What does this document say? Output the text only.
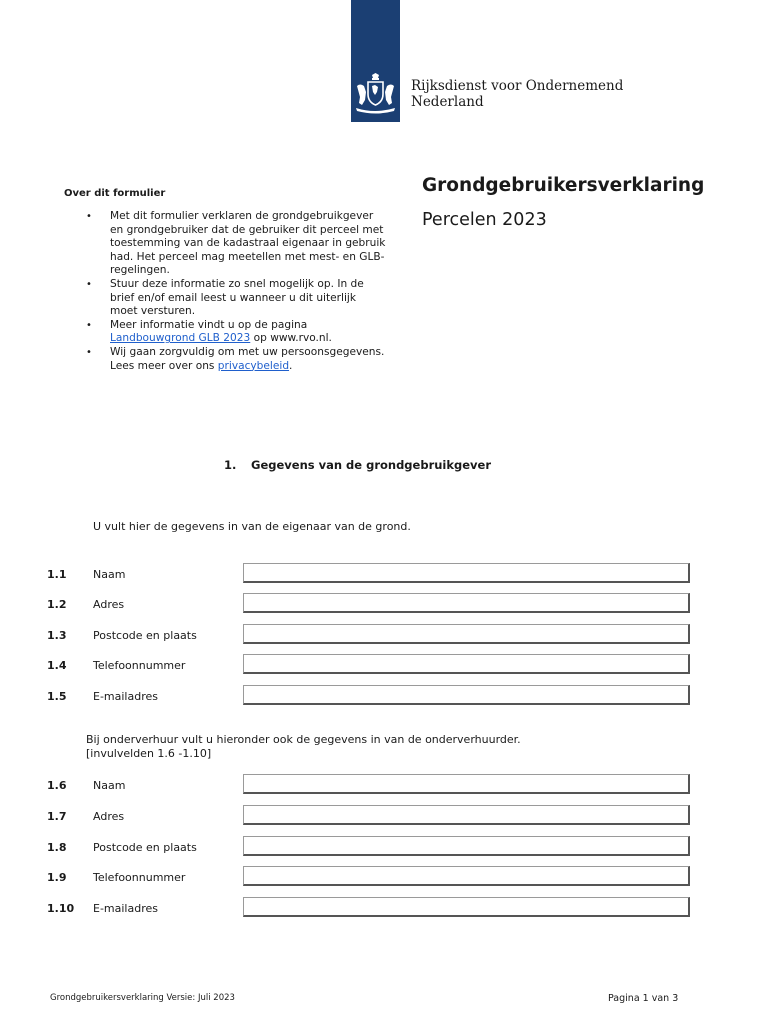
Rijksdienst voor Ondernemend
Nederland
Over dit formulier
• Met dit formulier verklaren de grondgebruikgever en grondgebruiker dat de gebruiker dit perceel met toestemming van de kadastraal eigenaar in gebruik had. Het perceel mag meetellen met mest- en GLB-regelingen.
• Stuur deze informatie zo snel mogelijk op. In de brief en/of email leest u wanneer u dit uiterlijk moet versturen.
• Meer informatie vindt u op de pagina Landbouwgrond GLB 2023 op www.rvo.nl.
• Wij gaan zorgvuldig om met uw persoonsgegevens. Lees meer over ons privacybeleid.
Grondgebruikersverklaring
Percelen 2023
1. Gegevens van de grondgebruikgever
U vult hier de gegevens in van de eigenaar van de grond.
1.1 Naam
1.2 Adres
1.3 Postcode en plaats
1.4 Telefoonnummer
1.5 E-mailadres
Bij onderverhuur vult u hieronder ook de gegevens in van de onderverhuurder.
[invulvelden 1.6 -1.10]
1.6 Naam
1.7 Adres
1.8 Postcode en plaats
1.9 Telefoonnummer
1.10 E-mailadres
Grondgebruikersverklaring Versie: Juli 2023	Pagina 1 van 3
